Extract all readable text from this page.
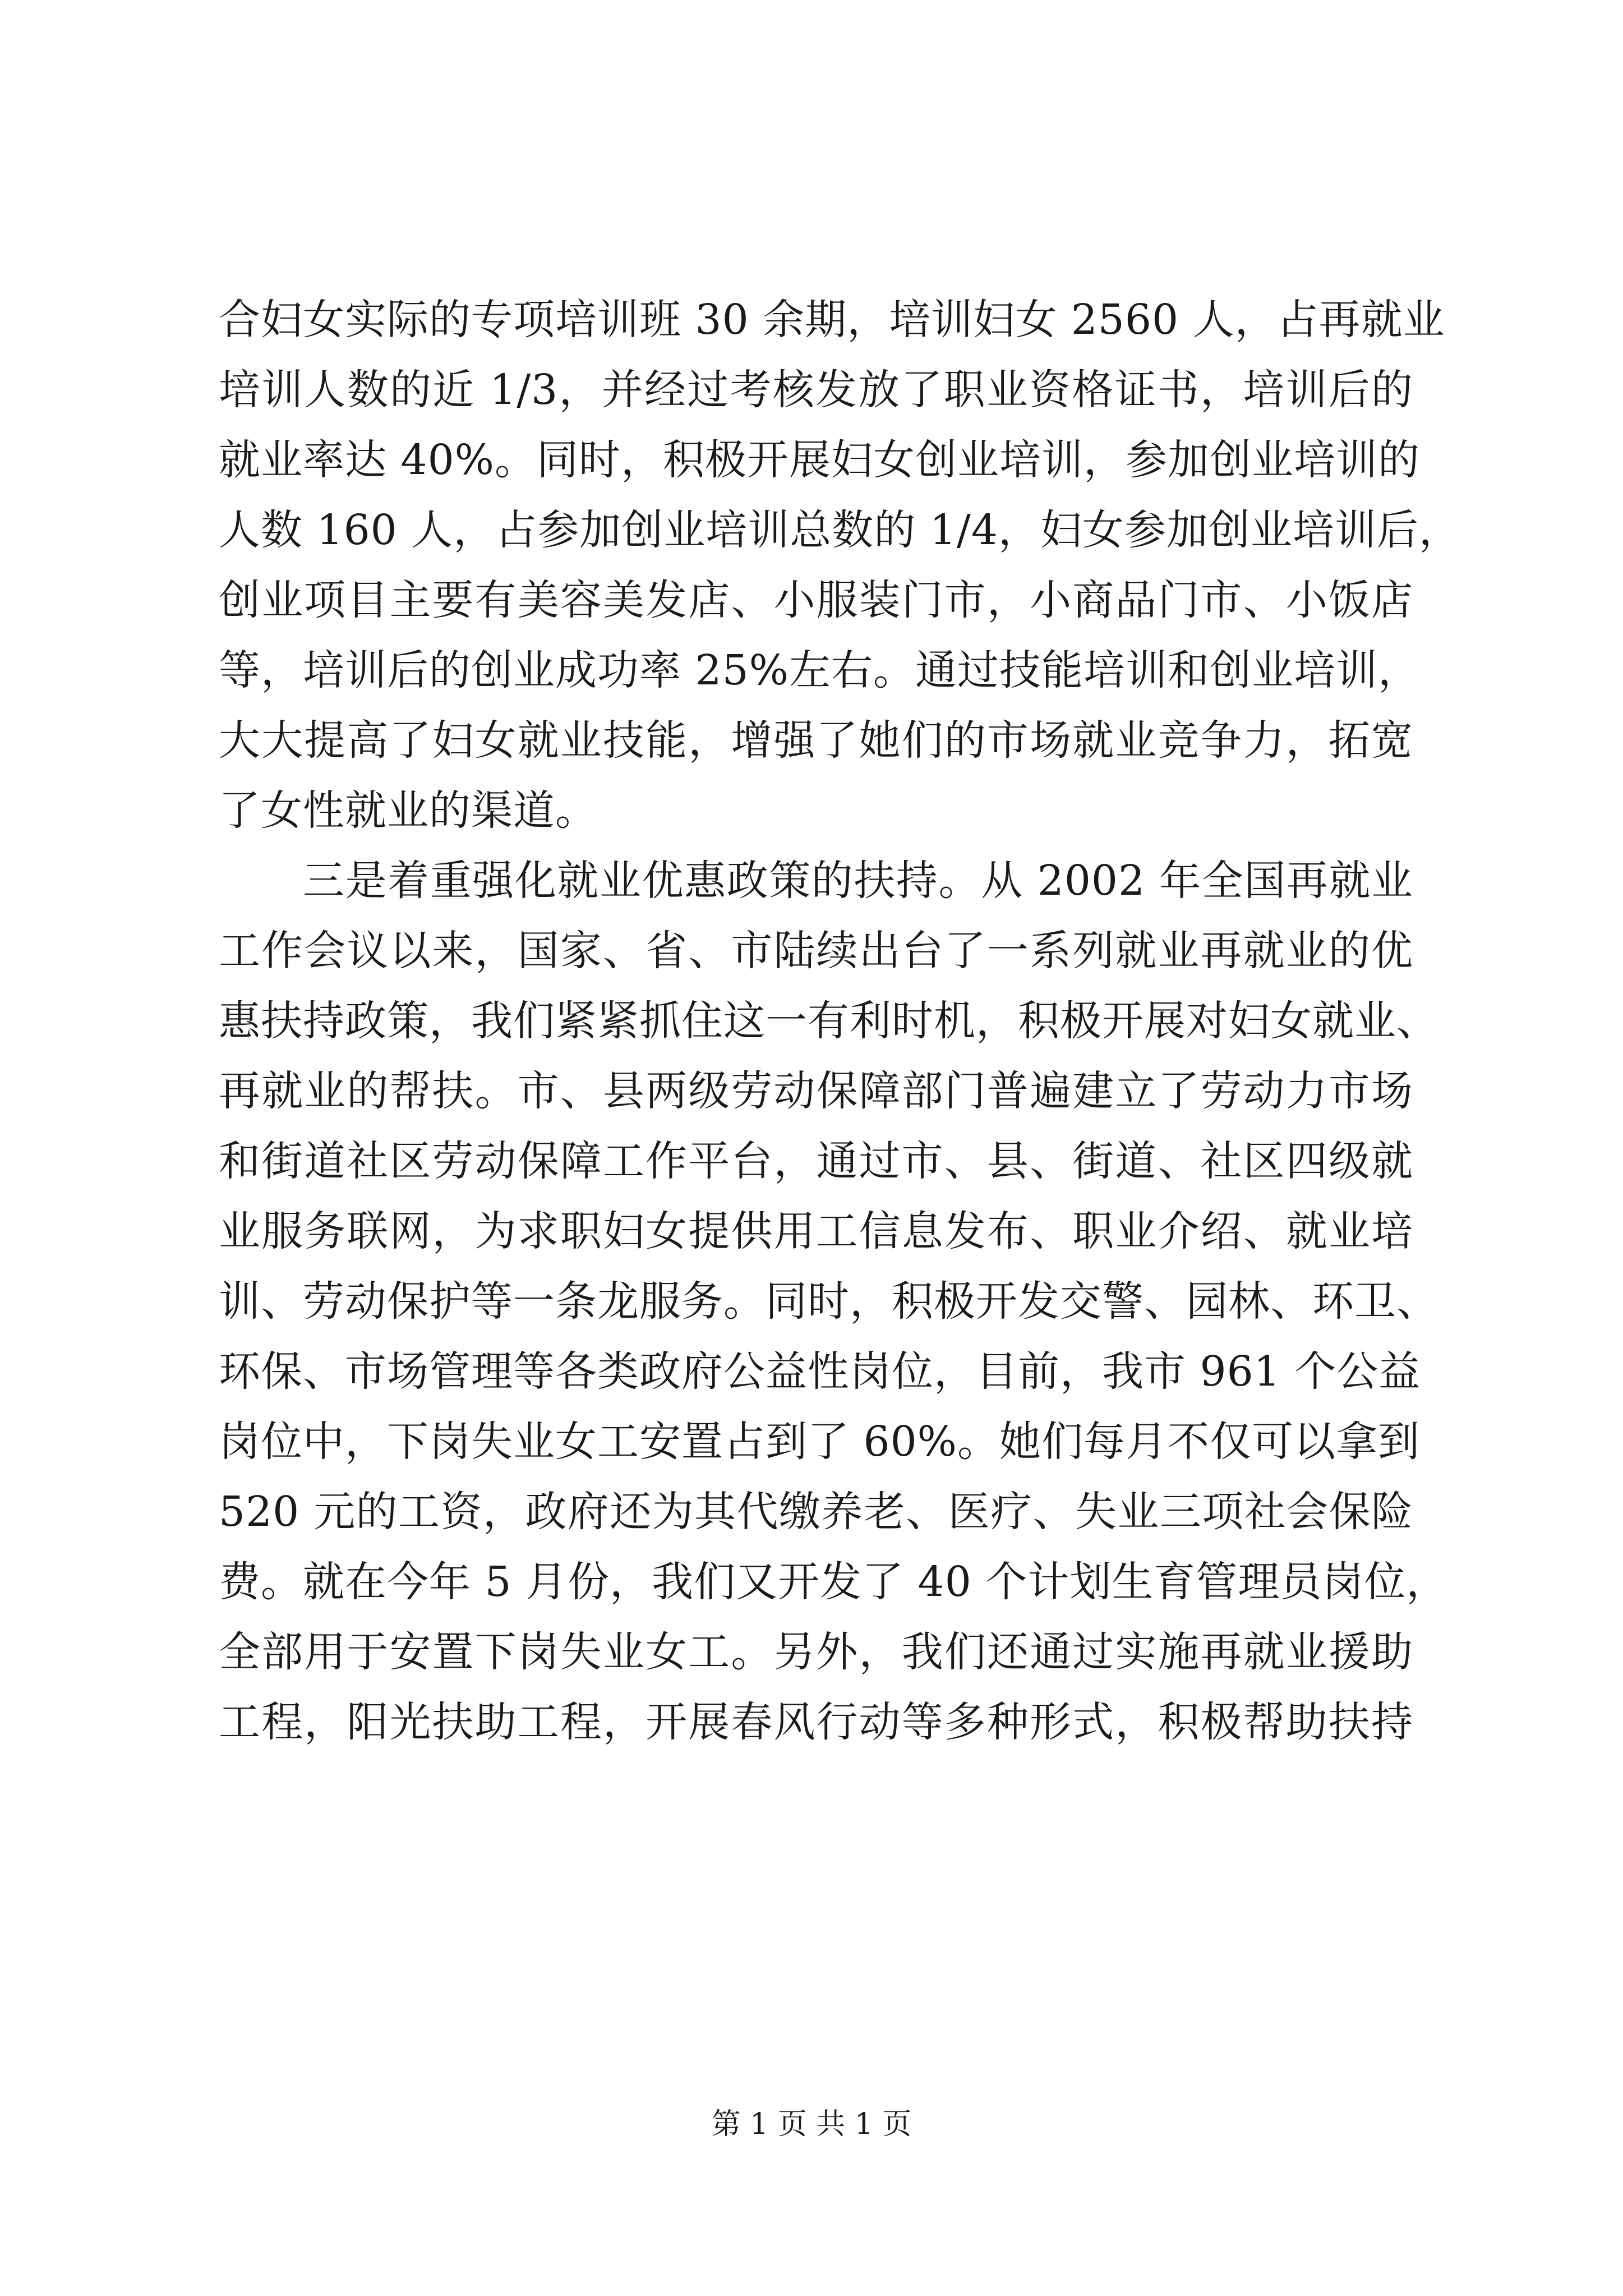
合妇女实际的专项培训班 30 余期，培训妇女 2560 人，占再就业
培训人数的近 1/3，并经过考核发放了职业资格证书，培训后的
就业率达 40%。同时，积极开展妇女创业培训，参加创业培训的
人数 160 人，占参加创业培训总数的 1/4，妇女参加创业培训后，
创业项目主要有美容美发店、小服装门市，小商品门市、小饭店
等，培训后的创业成功率 25%左右。通过技能培训和创业培训，
大大提高了妇女就业技能，增强了她们的市场就业竞争力，拓宽
了女性就业的渠道。
三是着重强化就业优惠政策的扶持。从 2002 年全国再就业
工作会议以来，国家、省、市陆续出台了一系列就业再就业的优
惠扶持政策，我们紧紧抓住这一有利时机，积极开展对妇女就业、
再就业的帮扶。市、县两级劳动保障部门普遍建立了劳动力市场
和街道社区劳动保障工作平台，通过市、县、街道、社区四级就
业服务联网，为求职妇女提供用工信息发布、职业介绍、就业培
训、劳动保护等一条龙服务。同时，积极开发交警、园林、环卫、
环保、市场管理等各类政府公益性岗位，目前，我市 961 个公益
岗位中，下岗失业女工安置占到了 60%。她们每月不仅可以拿到
520 元的工资，政府还为其代缴养老、医疗、失业三项社会保险
费。就在今年 5 月份，我们又开发了 40 个计划生育管理员岗位，
全部用于安置下岗失业女工。另外，我们还通过实施再就业援助
工程，阳光扶助工程，开展春风行动等多种形式，积极帮助扶持
第 1 页 共 1 页
